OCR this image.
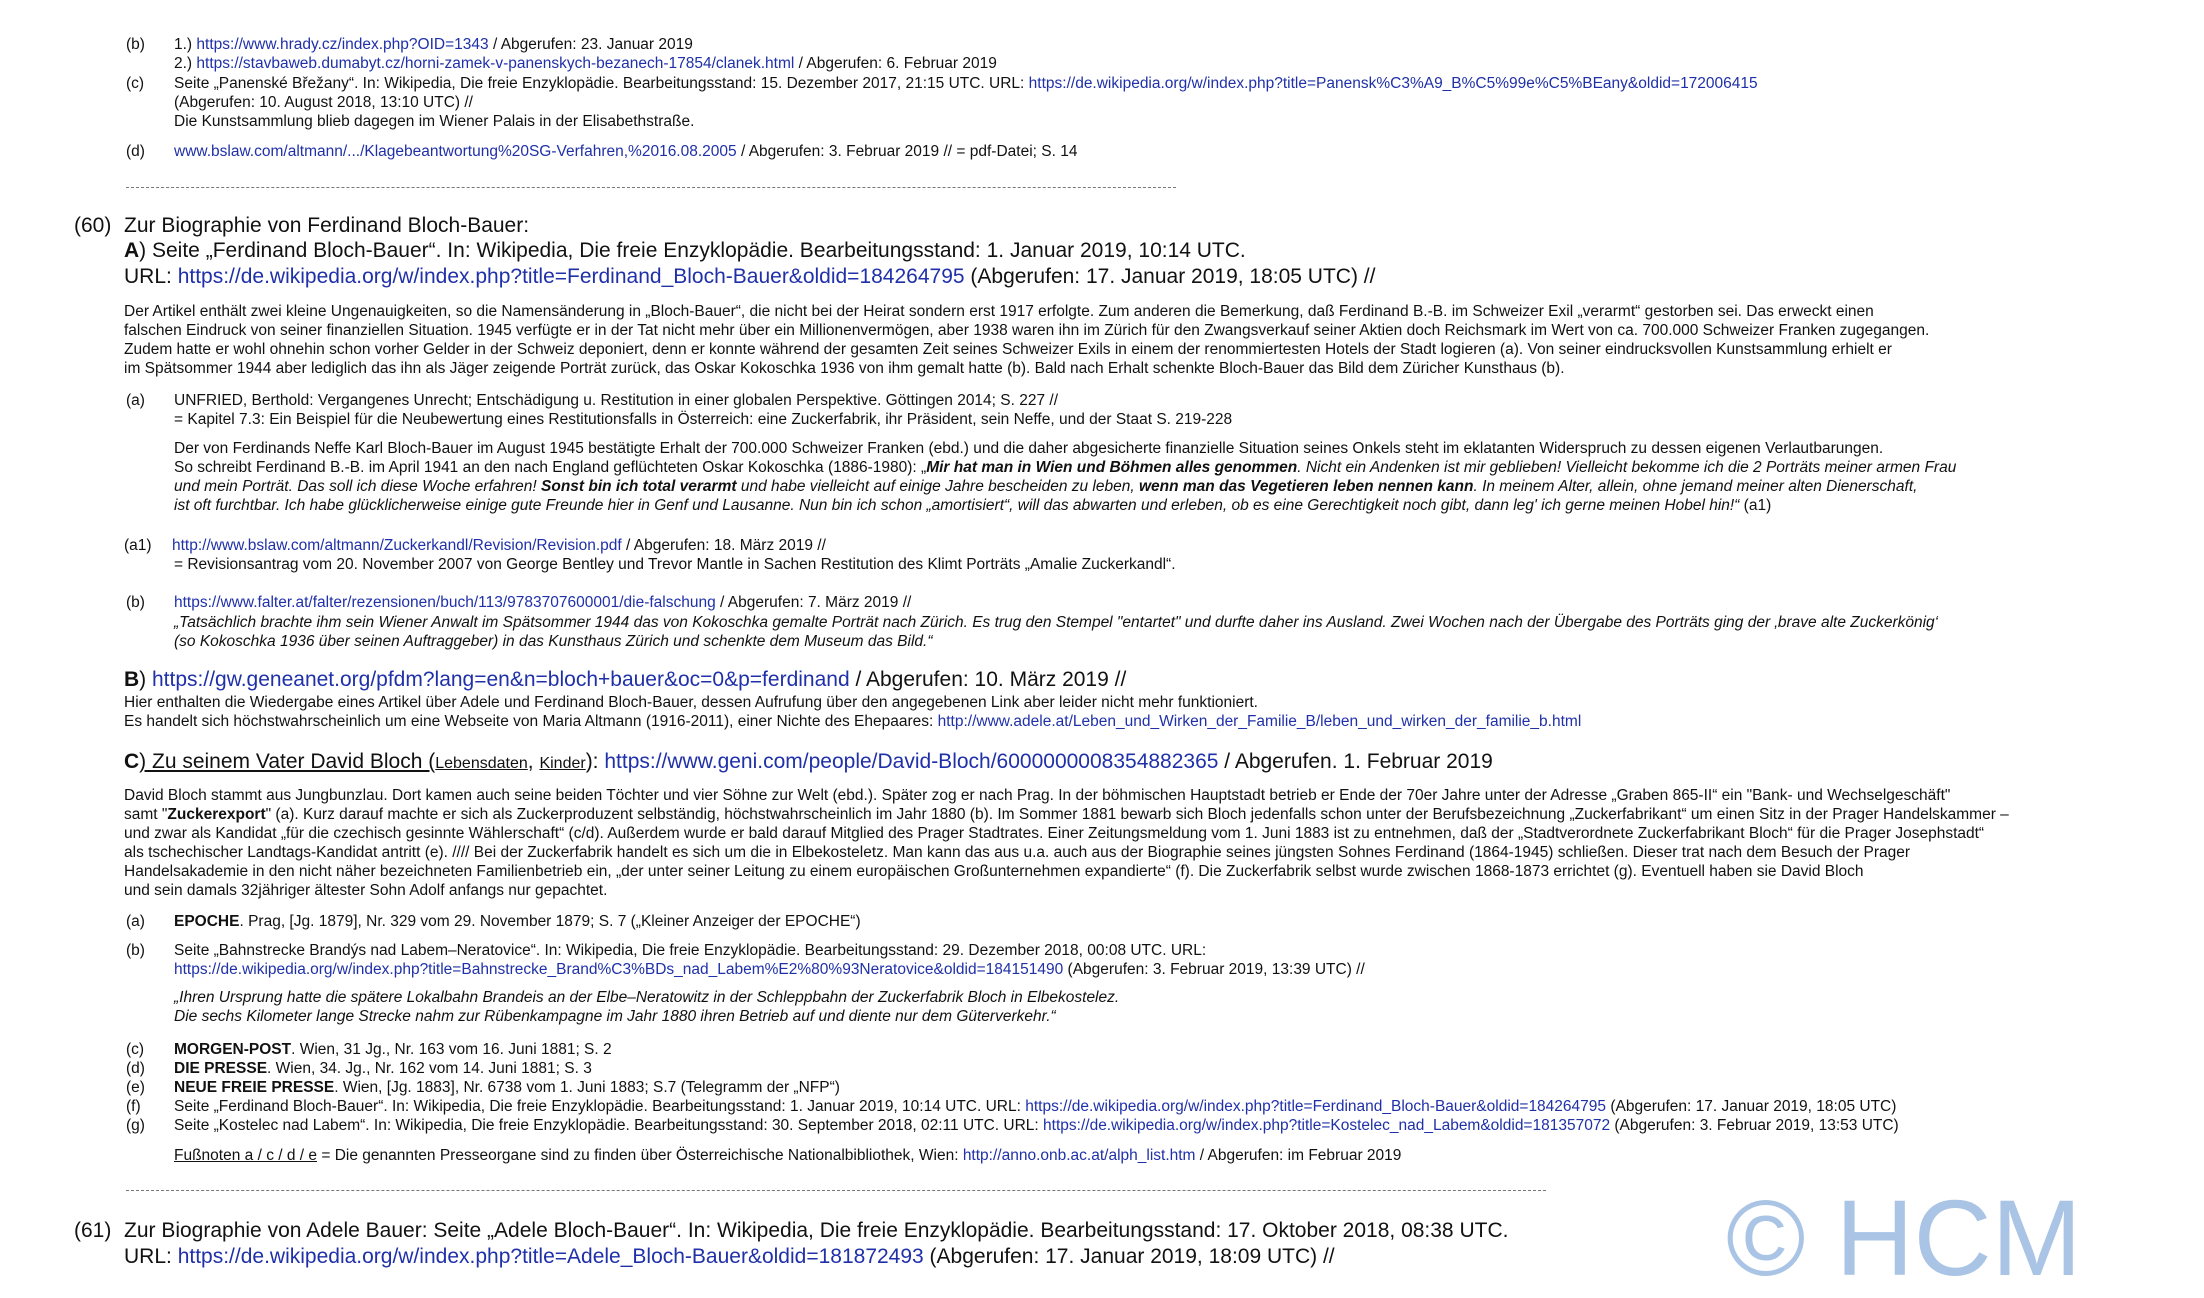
(b) 1.) https://www.hrady.cz/index.php?OID=1343 / Abgerufen: 23. Januar 2019
2.) https://stavbaweb.dumabyt.cz/horni-zamek-v-panenskych-bezanech-17854/clanek.html / Abgerufen: 6. Februar 2019
(c) Seite „Panenské Břežany“. In: Wikipedia, Die freie Enzyklopädie. Bearbeitungsstand: 15. Dezember 2017, 21:15 UTC. URL: https://de.wikipedia.org/w/index.php?title=Panensk%C3%A9_B%C5%99e%C5%BEany&oldid=172006415
(Abgerufen: 10. August 2018, 13:10 UTC) //
Die Kunstsammlung blieb dagegen im Wiener Palais in der Elisabethstraße.
(d) www.bslaw.com/altmann/.../Klagebeantwortung%20SG-Verfahren,%2016.08.2005 / Abgerufen: 3. Februar 2019 // = pdf-Datei; S. 14
(60) Zur Biographie von Ferdinand Bloch-Bauer:
A) Seite „Ferdinand Bloch-Bauer“. In: Wikipedia, Die freie Enzyklopädie. Bearbeitungsstand: 1. Januar 2019, 10:14 UTC.
URL: https://de.wikipedia.org/w/index.php?title=Ferdinand_Bloch-Bauer&oldid=184264795 (Abgerufen: 17. Januar 2019, 18:05 UTC) //
Der Artikel enthält zwei kleine Ungenauigkeiten, so die Namensänderung in „Bloch-Bauer“, die nicht bei der Heirat sondern erst 1917 erfolgte. Zum anderen die Bemerkung, daß Ferdinand B.-B. im Schweizer Exil „verarmt“ gestorben sei. Das erweckt einen
falschen Eindruck von seiner finanziellen Situation. 1945 verfügte er in der Tat nicht mehr über ein Millionenvermögen, aber 1938 waren ihn im Zürich für den Zwangsverkauf seiner Aktien doch Reichsmark im Wert von ca. 700.000 Schweizer Franken zugegangen.
Zudem hatte er wohl ohnehin schon vorher Gelder in der Schweiz deponiert, denn er konnte während der gesamten Zeit seines Schweizer Exils in einem der renommiertesten Hotels der Stadt logieren (a). Von seiner eindrucksvollen Kunstsammlung erhielt er
im Spätsommer 1944 aber lediglich das ihn als Jäger zeigende Porträt zurück, das Oskar Kokoschka 1936 von ihm gemalt hatte (b). Bald nach Erhalt schenkte Bloch-Bauer das Bild dem Züricher Kunsthaus (b).
(a) UNFRIED, Berthold: Vergangenes Unrecht; Entschädigung u. Restitution in einer globalen Perspektive. Göttingen 2014; S. 227 //
= Kapitel 7.3: Ein Beispiel für die Neubewertung eines Restitutionsfalls in Österreich: eine Zuckerfabrik, ihr Präsident, sein Neffe, und der Staat S. 219-228
Der von Ferdinands Neffe Karl Bloch-Bauer im August 1945 bestätigte Erhalt der 700.000 Schweizer Franken (ebd.) und die daher abgesicherte finanzielle Situation seines Onkels steht im eklatanten Widerspruch zu dessen eigenen Verlautbarungen.
So schreibt Ferdinand B.-B. im April 1941 an den nach England geflüchteten Oskar Kokoschka (1886-1980): „Mir hat man in Wien und Böhmen alles genommen. Nicht ein Andenken ist mir geblieben! Vielleicht bekomme ich die 2 Porträts meiner armen Frau
und mein Porträt. Das soll ich diese Woche erfahren! Sonst bin ich total verarmt und habe vielleicht auf einige Jahre bescheiden zu leben, wenn man das Vegetieren leben nennen kann. In meinem Alter, allein, ohne jemand meiner alten Dienerschaft,
ist oft furchtbar. Ich habe glücklicherweise einige gute Freunde hier in Genf und Lausanne. Nun bin ich schon „amortisiert“, will das abwarten und erleben, ob es eine Gerechtigkeit noch gibt, dann leg' ich gerne meinen Hobel hin!“ (a1)
(a1) http://www.bslaw.com/altmann/Zuckerkandl/Revision/Revision.pdf / Abgerufen: 18. März 2019 //
= Revisionsantrag vom 20. November 2007 von George Bentley und Trevor Mantle in Sachen Restitution des Klimt Porträts „Amalie Zuckerkandl“.
(b) https://www.falter.at/falter/rezensionen/buch/113/9783707600001/die-falschung / Abgerufen: 7. März 2019 //
„Tatsächlich brachte ihm sein Wiener Anwalt im Spätsommer 1944 das von Kokoschka gemalte Porträt nach Zürich. Es trug den Stempel "entartet" und durfte daher ins Ausland. Zwei Wochen nach der Übergabe des Porträts ging der ‚brave alte Zuckerkönig‘
(so Kokoschka 1936 über seinen Auftraggeber) in das Kunsthaus Zürich und schenkte dem Museum das Bild.“
B) https://gw.geneanet.org/pfdm?lang=en&n=bloch+bauer&oc=0&p=ferdinand / Abgerufen: 10. März 2019 //
Hier enthalten die Wiedergabe eines Artikel über Adele und Ferdinand Bloch-Bauer, dessen Aufrufung über den angegebenen Link aber leider nicht mehr funktioniert.
Es handelt sich höchstwahrscheinlich um eine Webseite von Maria Altmann (1916-2011), einer Nichte des Ehepaares: http://www.adele.at/Leben_und_Wirken_der_Familie_B/leben_und_wirken_der_familie_b.html
C) Zu seinem Vater David Bloch (Lebensdaten, Kinder): https://www.geni.com/people/David-Bloch/6000000008354882365 / Abgerufen. 1. Februar 2019
David Bloch stammt aus Jungbunzlau. Dort kamen auch seine beiden Töchter und vier Söhne zur Welt (ebd.). Später zog er nach Prag. In der böhmischen Hauptstadt betrieb er Ende der 70er Jahre unter der Adresse „Graben 865-II“ ein "Bank- und Wechselgeschäft"
samt "Zuckerexport" (a). Kurz darauf machte er sich als Zuckerproduzent selbständig, höchstwahrscheinlich im Jahr 1880 (b). Im Sommer 1881 bewarb sich Bloch jedenfalls schon unter der Berufsbezeichnung „Zuckerfabrikant“ um einen Sitz in der Prager Handelskammer –
und zwar als Kandidat „für die czechisch gesinnte Wählerschaft“ (c/d). Außerdem wurde er bald darauf Mitglied des Prager Stadtrates. Einer Zeitungsmeldung vom 1. Juni 1883 ist zu entnehmen, daß der „Stadtverordnete Zuckerfabrikant Bloch“ für die Prager Josephstadt“
als tschechischer Landtags-Kandidat antritt (e). //// Bei der Zuckerfabrik handelt es sich um die in Elbekosteletz. Man kann das aus u.a. auch aus der Biographie seines jüngsten Sohnes Ferdinand (1864-1945) schließen. Dieser trat nach dem Besuch der Prager
Handelsakademie in den nicht näher bezeichneten Familienbetrieb ein, „der unter seiner Leitung zu einem europäischen Großunternehmen expandierte“ (f). Die Zuckerfabrik selbst wurde zwischen 1868-1873 errichtet (g). Eventuell haben sie David Bloch
und sein damals 32jähriger ältester Sohn Adolf anfangs nur gepachtet.
(a) EPOCHE. Prag, [Jg. 1879], Nr. 329 vom 29. November 1879; S. 7 („Kleiner Anzeiger der EPOCHE“)
(b) Seite „Bahnstrecke Brandýs nad Labem–Neratovice“. In: Wikipedia, Die freie Enzyklopädie. Bearbeitungsstand: 29. Dezember 2018, 00:08 UTC. URL:
https://de.wikipedia.org/w/index.php?title=Bahnstrecke_Brand%C3%BDs_nad_Labem%E2%80%93Neratovice&oldid=184151490 (Abgerufen: 3. Februar 2019, 13:39 UTC) //
„Ihren Ursprung hatte die spätere Lokalbahn Brandeis an der Elbe–Neratowitz in der Schleppbahn der Zuckerfabrik Bloch in Elbekostelez.
Die sechs Kilometer lange Strecke nahm zur Rübenkampagne im Jahr 1880 ihren Betrieb auf und diente nur dem Güterverkehr.“
(c) MORGEN-POST. Wien, 31 Jg., Nr. 163 vom 16. Juni 1881; S. 2
(d) DIE PRESSE. Wien, 34. Jg., Nr. 162 vom 14. Juni 1881; S. 3
(e) NEUE FREIE PRESSE. Wien, [Jg. 1883], Nr. 6738 vom 1. Juni 1883; S.7 (Telegramm der „NFP“)
(f) Seite „Ferdinand Bloch-Bauer“. In: Wikipedia, Die freie Enzyklopädie. Bearbeitungsstand: 1. Januar 2019, 10:14 UTC. URL: https://de.wikipedia.org/w/index.php?title=Ferdinand_Bloch-Bauer&oldid=184264795 (Abgerufen: 17. Januar 2019, 18:05 UTC)
(g) Seite „Kostelec nad Labem“. In: Wikipedia, Die freie Enzyklopädie. Bearbeitungsstand: 30. September 2018, 02:11 UTC. URL: https://de.wikipedia.org/w/index.php?title=Kostelec_nad_Labem&oldid=181357072 (Abgerufen: 3. Februar 2019, 13:53 UTC)
Fußnoten a / c / d / e = Die genannten Presseorgane sind zu finden über Österreichische Nationalbibliothek, Wien: http://anno.onb.ac.at/alph_list.htm / Abgerufen: im Februar 2019
(61) Zur Biographie von Adele Bauer: Seite „Adele Bloch-Bauer“. In: Wikipedia, Die freie Enzyklopädie. Bearbeitungsstand: 17. Oktober 2018, 08:38 UTC.
URL: https://de.wikipedia.org/w/index.php?title=Adele_Bloch-Bauer&oldid=181872493 (Abgerufen: 17. Januar 2019, 18:09 UTC) //	© HCM
